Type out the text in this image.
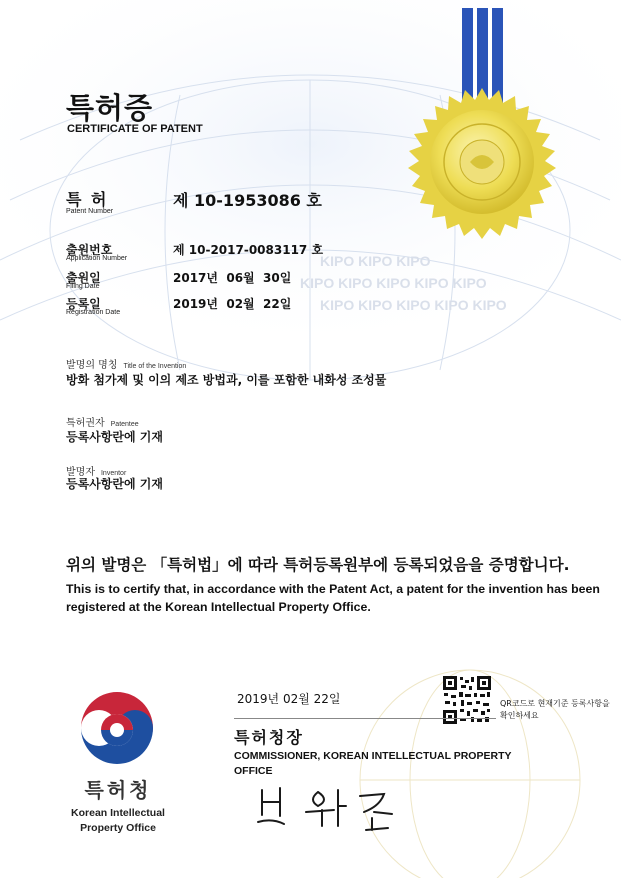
KIPO KIPO KIPO
KIPO KIPO KIPO KIPO KIPO
KIPO KIPO KIPO KIPO KIPO
특허증
CERTIFICATE OF PATENT
특 허
Patent Number
제 10-1953086 호
출원번호
Application Number
제 10-2017-0083117 호
출원일
Filing Date
2017년  06월  30일
등록일
Registration Date
2019년  02월  22일
발명의 명칭 Title of the Invention
방화 첨가제 및 이의 제조 방법과, 이를 포함한 내화성 조성물
특허권자 Patentee
등록사항란에 기재
발명자 Inventor
등록사항란에 기재
위의 발명은 「특허법」에 따라 특허등록원부에 등록되었음을 증명합니다.
This is to certify that, in accordance with the Patent Act, a patent for the invention has been registered at the Korean Intellectual Property Office.
2019년 02월 22일
특허청장
COMMISSIONER, KOREAN INTELLECTUAL PROPERTY OFFICE
QR코드로 현재기준 등록사항을 확인하세요
특허청
Korean Intellectual Property Office
